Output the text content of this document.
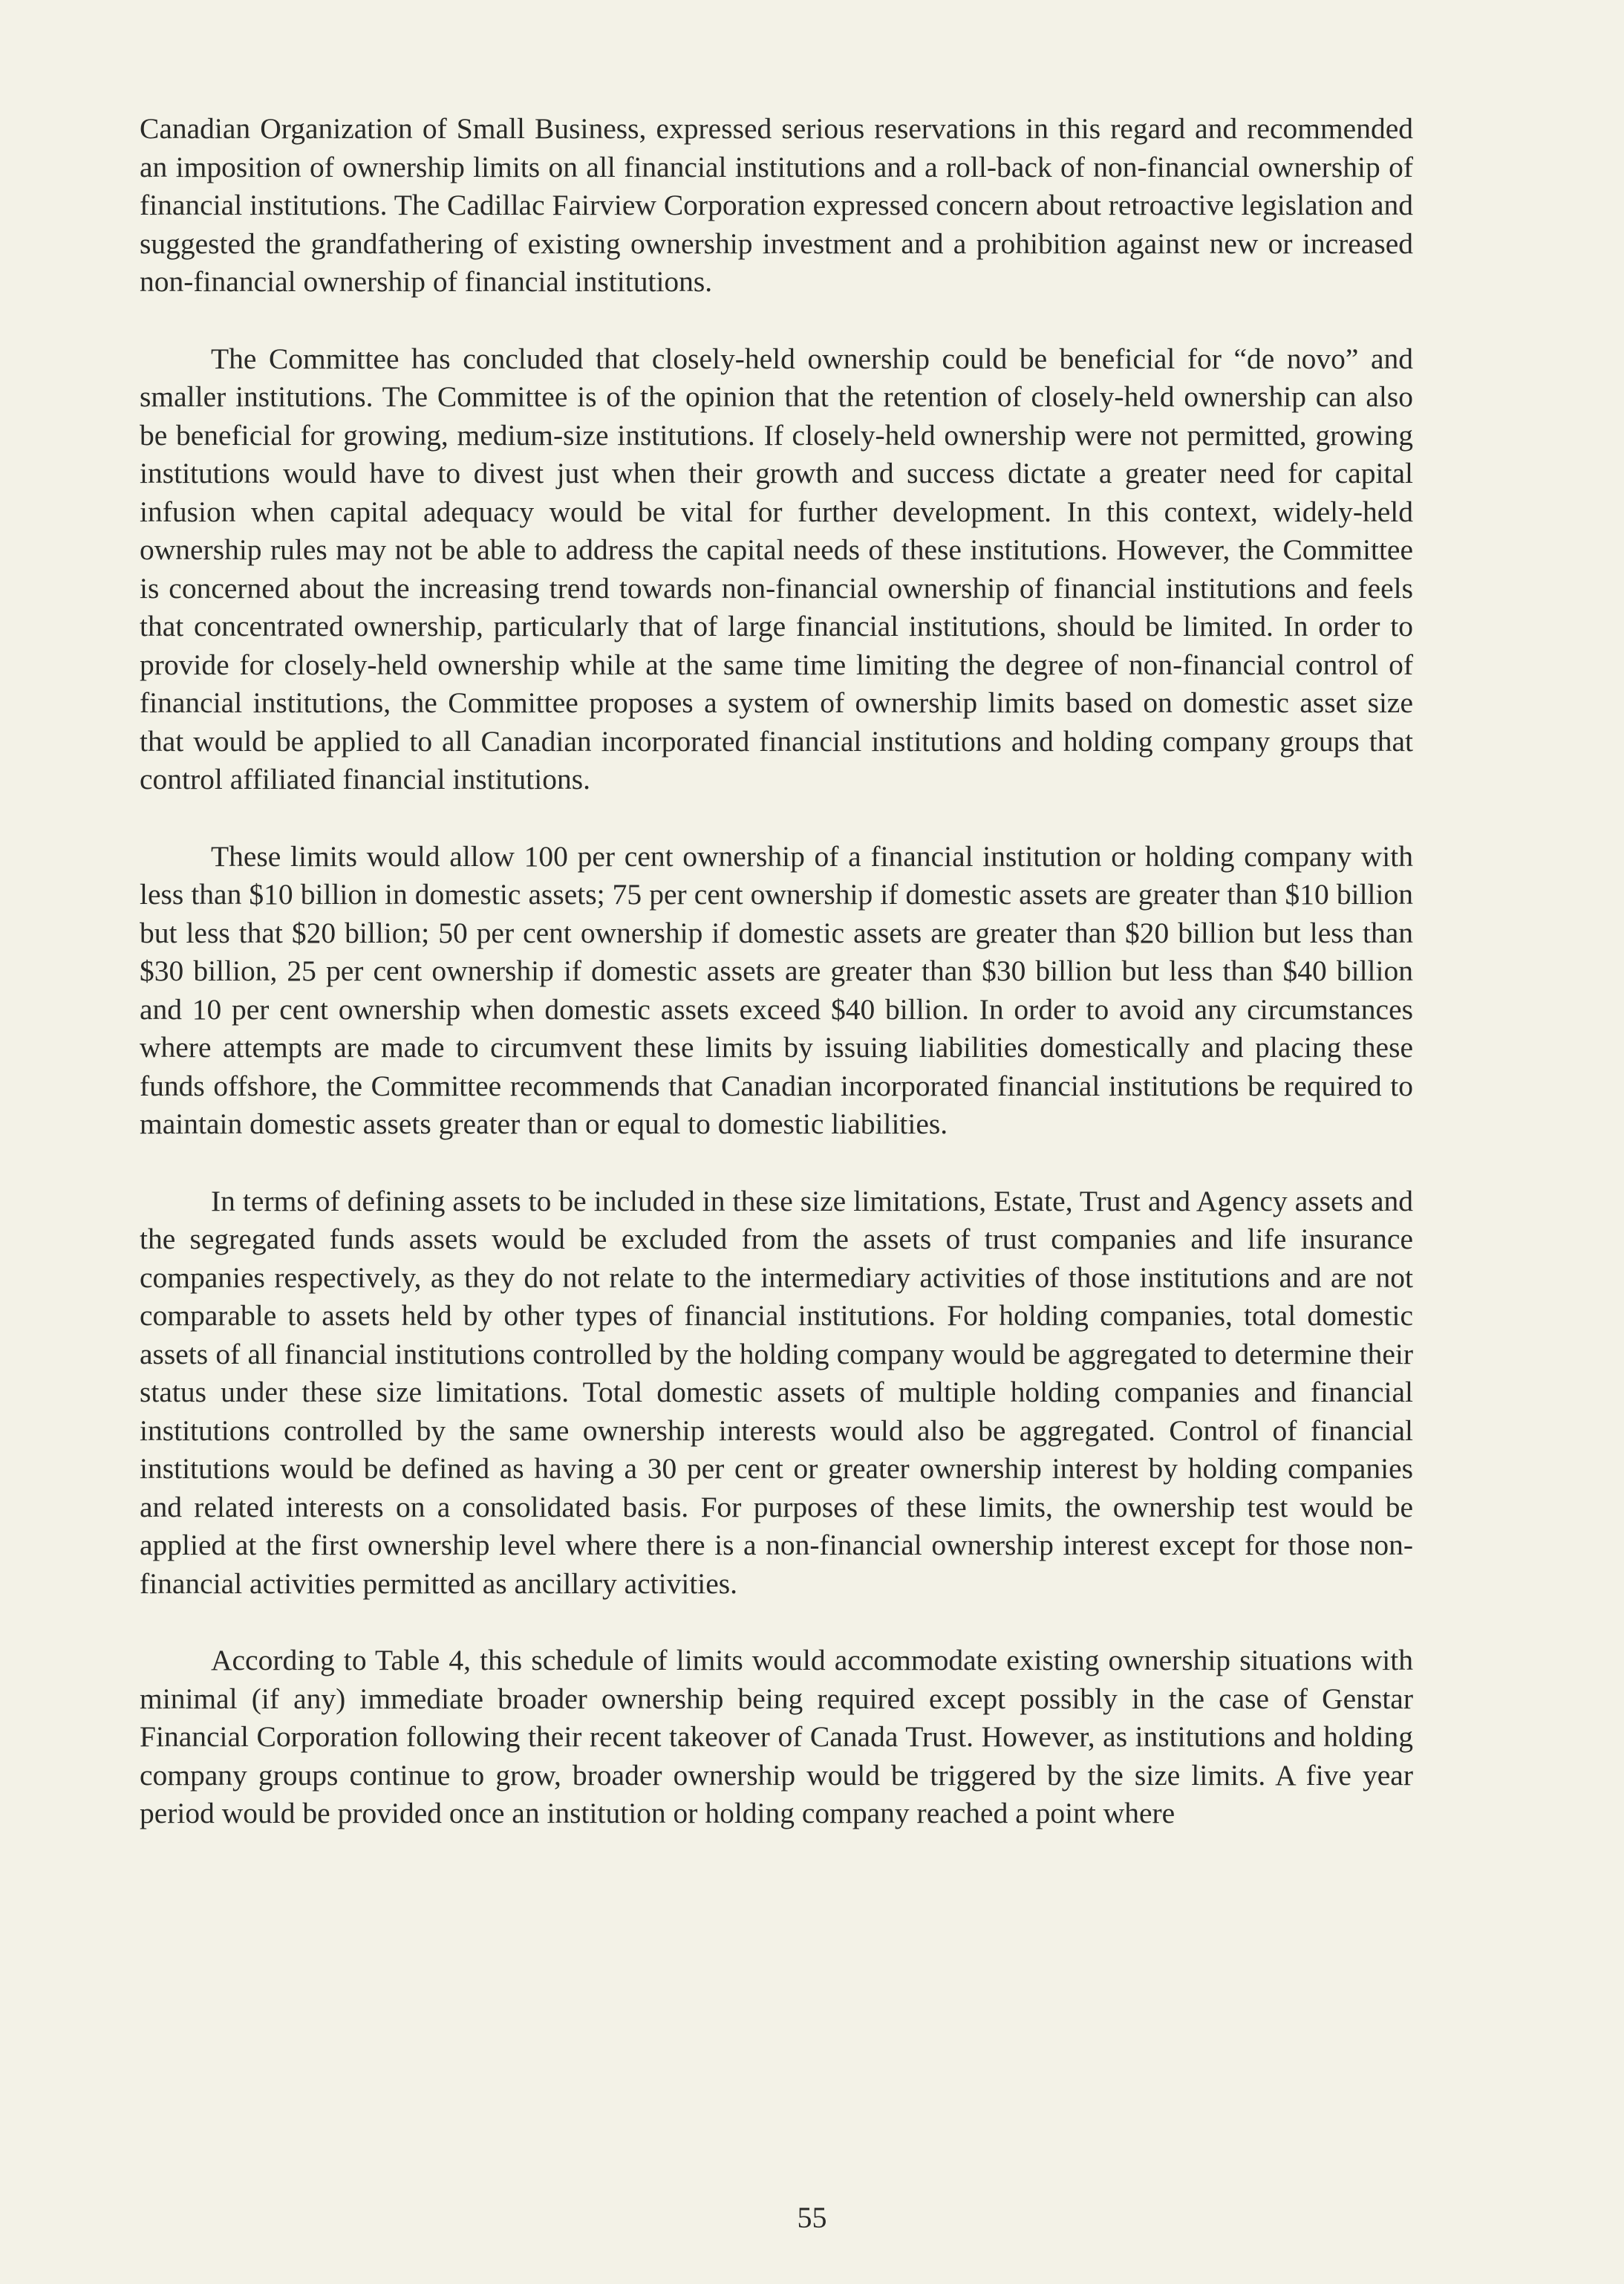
Canadian Organization of Small Business, expressed serious reservations in this regard and recommended an imposition of ownership limits on all financial institutions and a roll-back of non-financial ownership of financial institutions. The Cadillac Fairview Corporation expressed concern about retroactive legislation and suggested the grandfathering of existing ownership investment and a prohibition against new or increased non-financial ownership of financial institutions.

The Committee has concluded that closely-held ownership could be beneficial for “de novo” and smaller institutions. The Committee is of the opinion that the retention of closely-held ownership can also be beneficial for growing, medium-size institutions. If closely-held ownership were not permitted, growing institutions would have to divest just when their growth and success dictate a greater need for capital infusion when capital adequacy would be vital for further development. In this context, widely-held ownership rules may not be able to address the capital needs of these institutions. However, the Committee is concerned about the increasing trend towards non-financial ownership of financial institutions and feels that concentrated ownership, particularly that of large financial institutions, should be limited. In order to provide for closely-held ownership while at the same time limiting the degree of non-financial control of financial institutions, the Committee proposes a system of ownership limits based on domestic asset size that would be applied to all Canadian incorporated financial institutions and holding company groups that control affiliated financial institutions.

These limits would allow 100 per cent ownership of a financial institution or holding company with less than $10 billion in domestic assets; 75 per cent ownership if domestic assets are greater than $10 billion but less that $20 billion; 50 per cent ownership if domestic assets are greater than $20 billion but less than $30 billion, 25 per cent ownership if domestic assets are greater than $30 billion but less than $40 billion and 10 per cent ownership when domestic assets exceed $40 billion. In order to avoid any circumstances where attempts are made to circumvent these limits by issuing liabilities domestically and placing these funds offshore, the Committee recommends that Canadian incorporated financial institutions be required to maintain domestic assets greater than or equal to domestic liabilities.

In terms of defining assets to be included in these size limitations, Estate, Trust and Agency assets and the segregated funds assets would be excluded from the assets of trust companies and life insurance companies respectively, as they do not relate to the intermediary activities of those institutions and are not comparable to assets held by other types of financial institutions. For holding companies, total domestic assets of all financial institutions controlled by the holding company would be aggregated to determine their status under these size limitations. Total domestic assets of multiple holding companies and financial institutions controlled by the same ownership interests would also be aggregated. Control of financial institutions would be defined as having a 30 per cent or greater ownership interest by holding companies and related interests on a consolidated basis. For purposes of these limits, the ownership test would be applied at the first ownership level where there is a non-financial ownership interest except for those non-financial activities permitted as ancillary activities.

According to Table 4, this schedule of limits would accommodate existing ownership situations with minimal (if any) immediate broader ownership being required except possibly in the case of Genstar Financial Corporation following their recent takeover of Canada Trust. However, as institutions and holding company groups continue to grow, broader ownership would be triggered by the size limits. A five year period would be provided once an institution or holding company reached a point where

55
